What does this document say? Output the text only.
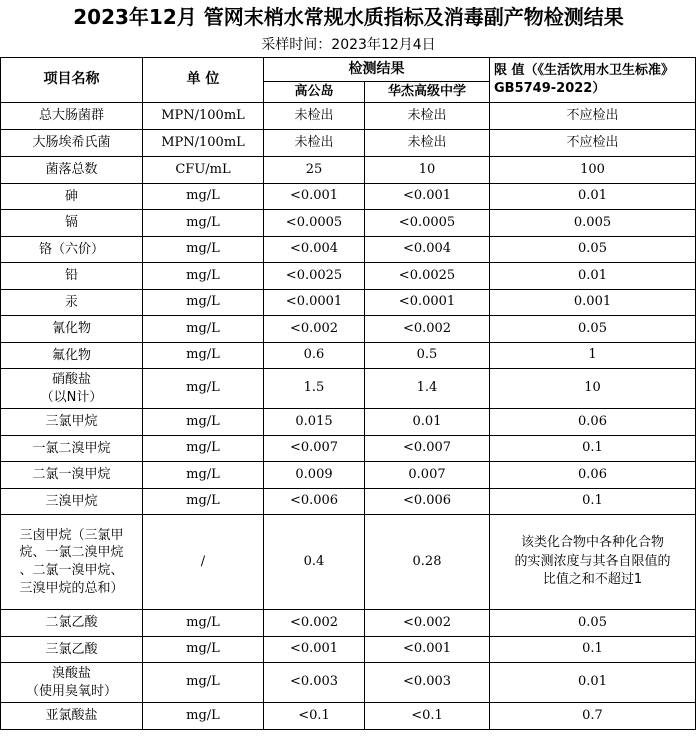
2023年12月 管网末梢水常规水质指标及消毒副产物检测结果
采样时间：2023年12月4日
项目名称	单 位	检测结果		限 值（《生活饮用水卫生标准》GB5749-2022）
		高公岛	华杰高级中学	
总大肠菌群	MPN/100mL	未检出	未检出	不应检出
大肠埃希氏菌	MPN/100mL	未检出	未检出	不应检出
菌落总数	CFU/mL	25	10	100
砷	mg/L	<0.001	<0.001	0.01
镉	mg/L	<0.0005	<0.0005	0.005
铬（六价）	mg/L	<0.004	<0.004	0.05
铅	mg/L	<0.0025	<0.0025	0.01
汞	mg/L	<0.0001	<0.0001	0.001
氰化物	mg/L	<0.002	<0.002	0.05
氟化物	mg/L	0.6	0.5	1
硝酸盐
（以N计）	mg/L	1.5	1.4	10
三氯甲烷	mg/L	0.015	0.01	0.06
一氯二溴甲烷	mg/L	<0.007	<0.007	0.1
二氯一溴甲烷	mg/L	0.009	0.007	0.06
三溴甲烷	mg/L	<0.006	<0.006	0.1
三卤甲烷（三氯甲
烷、一氯二溴甲烷
、二氯一溴甲烷、
三溴甲烷的总和）	/	0.4	0.28	该类化合物中各种化合物
的实测浓度与其各自限值的
比值之和不超过1
二氯乙酸	mg/L	<0.002	<0.002	0.05
三氯乙酸	mg/L	<0.001	<0.001	0.1
溴酸盐
（使用臭氧时）	mg/L	<0.003	<0.003	0.01
亚氯酸盐	mg/L	<0.1	<0.1	0.7
